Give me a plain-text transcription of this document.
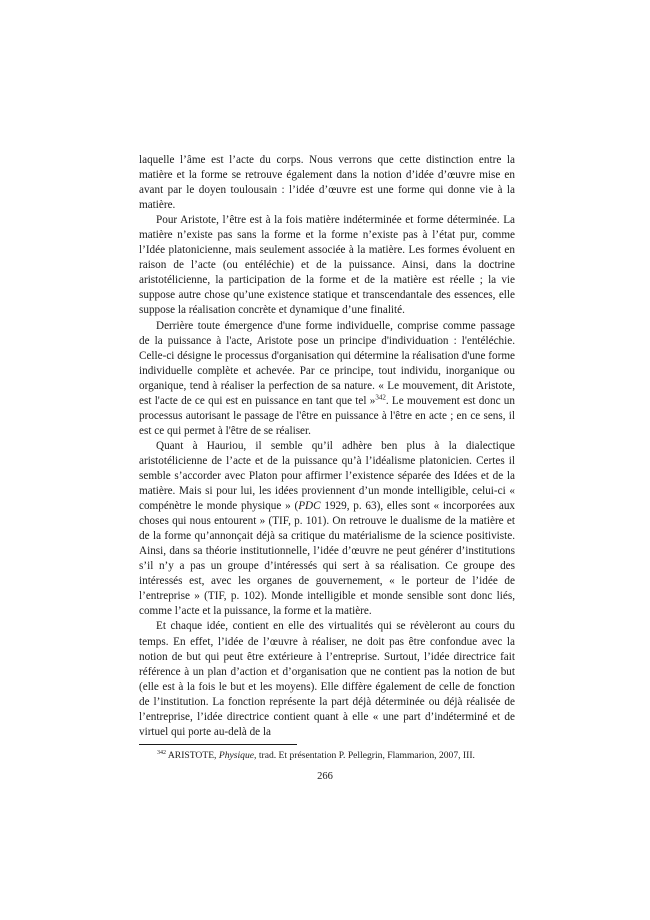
laquelle l’âme est l’acte du corps. Nous verrons que cette distinction entre la matière et la forme se retrouve également dans la notion d’idée d’œuvre mise en avant par le doyen toulousain : l’idée d’œuvre est une forme qui donne vie à la matière.

Pour Aristote, l’être est à la fois matière indéterminée et forme déterminée. La matière n’existe pas sans la forme et la forme n’existe pas à l’état pur, comme l’Idée platonicienne, mais seulement associée à la matière. Les formes évoluent en raison de l’acte (ou entéléchie) et de la puissance. Ainsi, dans la doctrine aristotélicienne, la participation de la forme et de la matière est réelle ; la vie suppose autre chose qu’une existence statique et transcendantale des essences, elle suppose la réalisation concrète et dynamique d’une finalité.

Derrière toute émergence d'une forme individuelle, comprise comme passage de la puissance à l'acte, Aristote pose un principe d'individuation : l'entéléchie. Celle-ci désigne le processus d'organisation qui détermine la réalisation d'une forme individuelle complète et achevée. Par ce principe, tout individu, inorganique ou organique, tend à réaliser la perfection de sa nature. « Le mouvement, dit Aristote, est l'acte de ce qui est en puissance en tant que tel »$^{342}$. Le mouvement est donc un processus autorisant le passage de l'être en puissance à l'être en acte ; en ce sens, il est ce qui permet à l'être de se réaliser.

Quant à Hauriou, il semble qu’il adhère ben plus à la dialectique aristotélicienne de l’acte et de la puissance qu’à l’idéalisme platonicien. Certes il semble s’accorder avec Platon pour affirmer l’existence séparée des Idées et de la matière. Mais si pour lui, les idées proviennent d’un monde intelligible, celui-ci « compénètre le monde physique » (PDC 1929, p. 63), elles sont « incorporées aux choses qui nous entourent » (TIF, p. 101). On retrouve le dualisme de la matière et de la forme qu’annonçait déjà sa critique du matérialisme de la science positiviste. Ainsi, dans sa théorie institutionnelle, l’idée d’œuvre ne peut générer d’institutions s’il n’y a pas un groupe d’intéressés qui sert à sa réalisation. Ce groupe des intéressés est, avec les organes de gouvernement, « le porteur de l’idée de l’entreprise » (TIF, p. 102). Monde intelligible et monde sensible sont donc liés, comme l’acte et la puissance, la forme et la matière.

Et chaque idée, contient en elle des virtualités qui se révèleront au cours du temps. En effet, l’idée de l’œuvre à réaliser, ne doit pas être confondue avec la notion de but qui peut être extérieure à l’entreprise. Surtout, l’idée directrice fait référence à un plan d’action et d’organisation que ne contient pas la notion de but (elle est à la fois le but et les moyens). Elle diffère également de celle de fonction de l’institution. La fonction représente la part déjà déterminée ou déjà réalisée de l’entreprise, l’idée directrice contient quant à elle « une part d’indéterminé et de virtuel qui porte au-delà de la

$^{342}$ ARISTOTE, Physique, trad. Et présentation P. Pellegrin, Flammarion, 2007, III.
266
